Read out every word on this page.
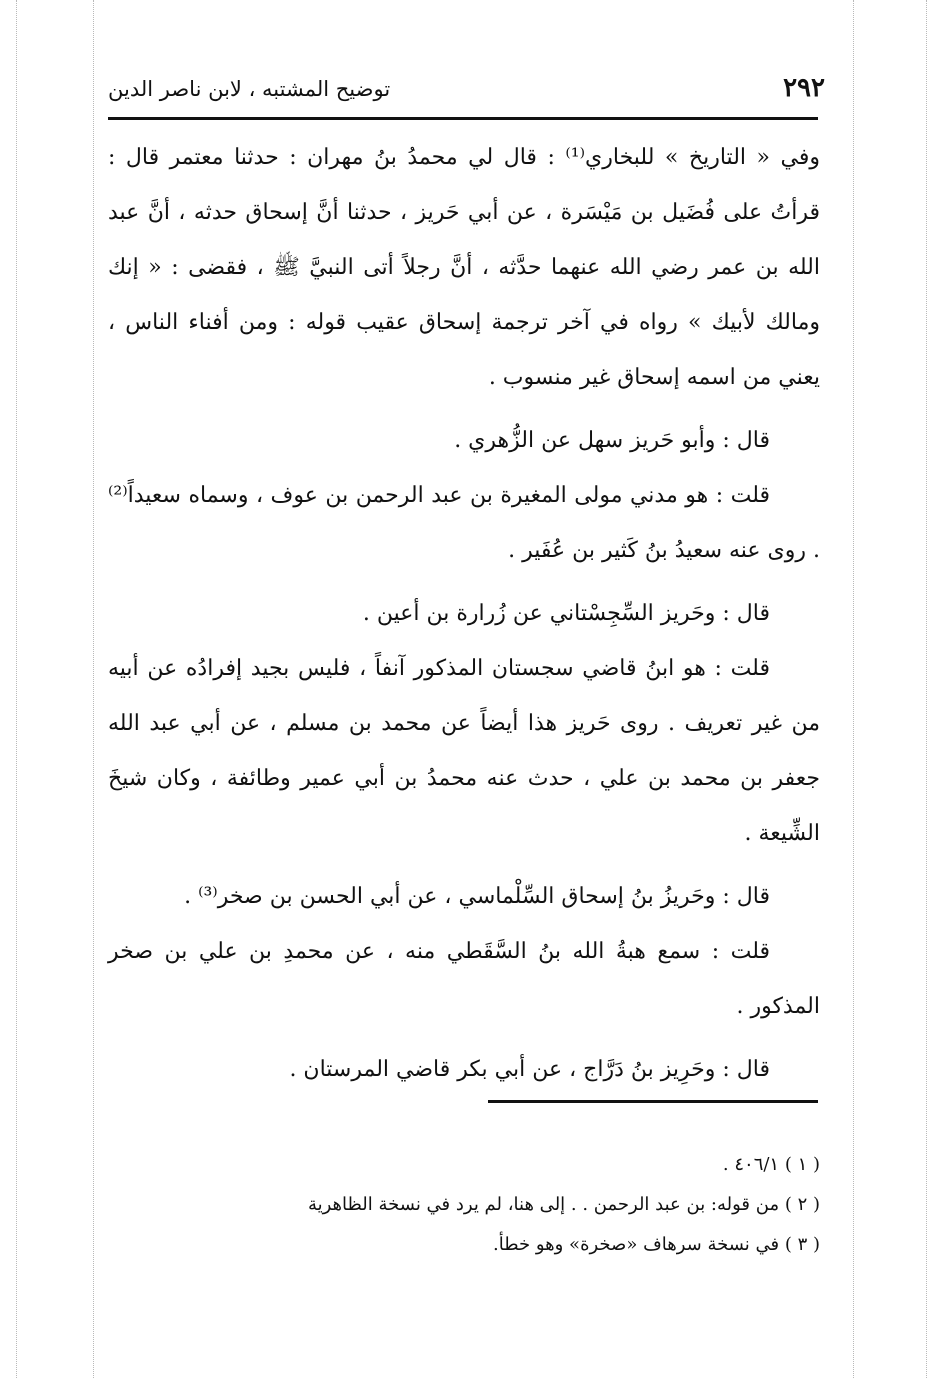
٢٩٢
توضيح المشتبه ، لابن ناصر الدين

وفي « التاريخ » للبخاري⁽¹⁾ : قال لي محمدُ بنُ مهران : حدثنا معتمر قال : قرأتُ على فُضَيل بن مَيْسَرة ، عن أبي حَريز ، حدثنا أنَّ إسحاق حدثه ، أنَّ عبد الله بن عمر رضي الله عنهما حدَّثه ، أنَّ رجلاً أتى النبيَّ ﷺ ، فقضى : « إنك ومالك لأبيك » رواه في آخر ترجمة إسحاق عقيب قوله : ومن أفناء الناس ، يعني من اسمه إسحاق غير منسوب .

قال : وأبو حَريز سهل عن الزُّهري .

قلت : هو مدني مولى المغيرة بن عبد الرحمن بن عوف ، وسماه سعيداً⁽²⁾ . روى عنه سعيدُ بنُ كَثير بن عُفَير .

قال : وحَريز السِّجِسْتاني عن زُرارة بن أعين .

قلت : هو ابنُ قاضي سجستان المذكور آنفاً ، فليس بجيد إفرادُه عن أبيه من غير تعريف . روى حَريز هذا أيضاً عن محمد بن مسلم ، عن أبي عبد الله جعفر بن محمد بن علي ، حدث عنه محمدُ بن أبي عمير وطائفة ، وكان شيخَ الشِّيعة .

قال : وحَريزُ بنُ إسحاق السِّلْماسي ، عن أبي الحسن بن صخر⁽³⁾ .

قلت : سمع هبةُ الله بنُ السَّقَطي منه ، عن محمدِ بن علي بن صخر المذكور .

قال : وحَرِيز بنُ دَرَّاج ، عن أبي بكر قاضي المرستان .

( ١ ) ٤٠٦/١ .

( ٢ ) من قوله: بن عبد الرحمن . . إلى هنا، لم يرد في نسخة الظاهرية

( ٣ ) في نسخة سرهاف «صخرة» وهو خطأ.
